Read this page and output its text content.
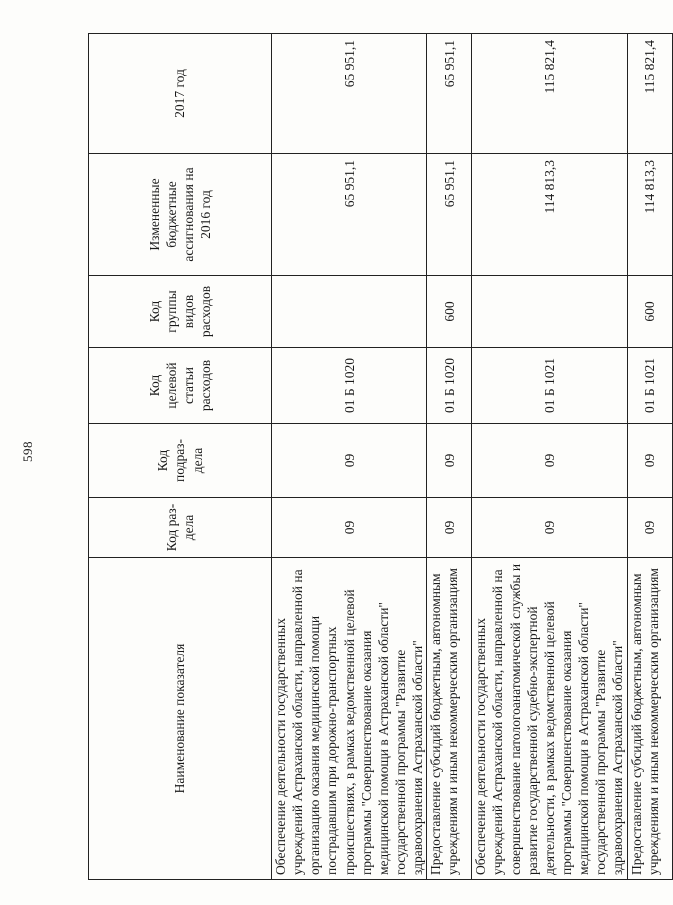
598
Наименование показателя	Код раз-дела	Код подраз-дела	Код целевой статьи расходов	Код группы видов расходов	Измененные бюджетные ассигнования на 2016 год	2017 год
Обеспечение деятельности государственных учреждений Астраханской области, направленной на организацию оказания медицинской помощи пострадавшим при дорожно-транспортных происшествиях, в рамках ведомственной целевой программы "Совершенствование оказания медицинской помощи в Астраханской области" государственной программы "Развитие здравоохранения Астраханской области"	09	09	01 Б 1020		65 951,1	65 951,1
Предоставление субсидий бюджетным, автономным учреждениям и иным некоммерческим организациям	09	09	01 Б 1020	600	65 951,1	65 951,1
Обеспечение деятельности государственных учреждений Астраханской области, направленной на совершенствование патологоанатомической службы и развитие государственной судебно-экспертной деятельности, в рамках ведомственной целевой программы "Совершенствование оказания медицинской помощи в Астраханской области" государственной программы "Развитие здравоохранения Астраханской области"	09	09	01 Б 1021		114 813,3	115 821,4
Предоставление субсидий бюджетным, автономным учреждениям и иным некоммерческим организациям	09	09	01 Б 1021	600	114 813,3	115 821,4
